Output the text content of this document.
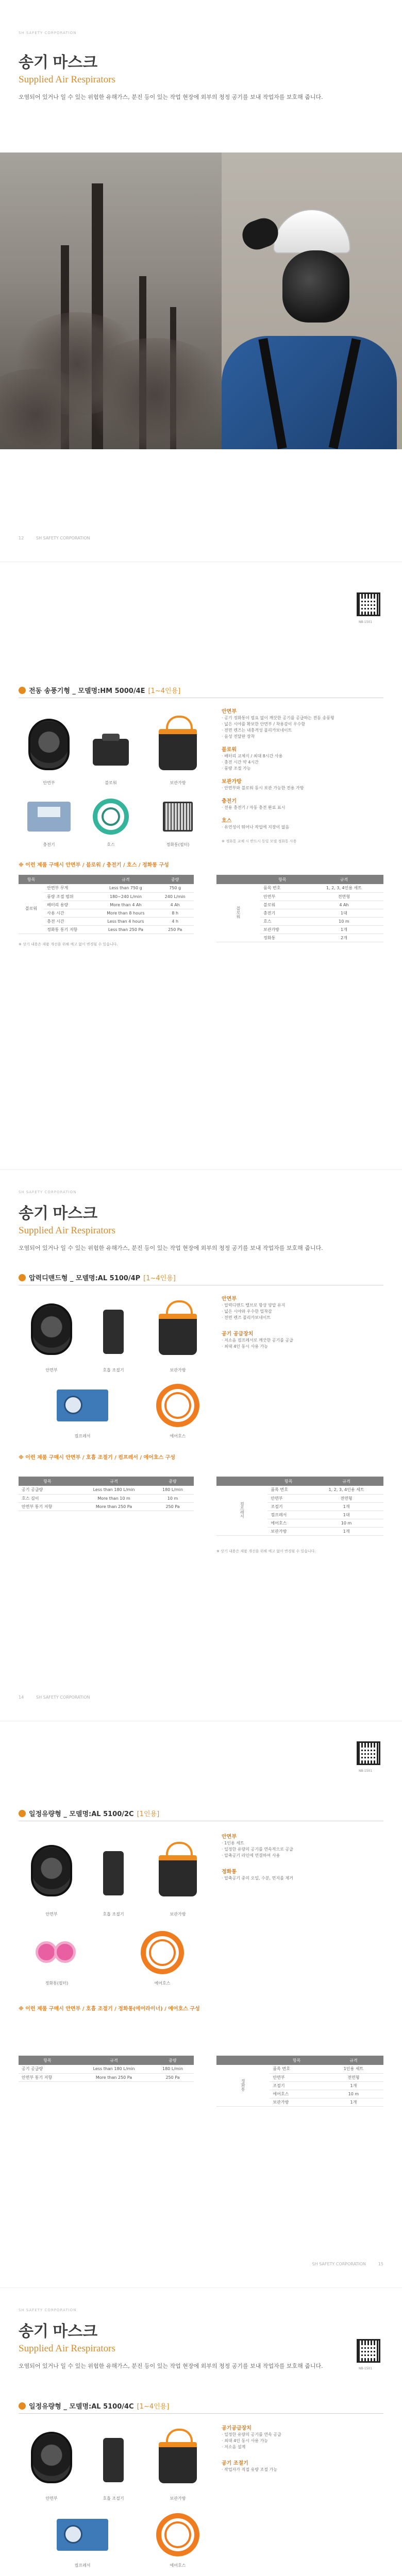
SH SAFETY CORPORATION
송기 마스크
Supplied Air Respirators
오염되어 있거나 일 수 있는 위험한 유해가스, 분진 등이 있는 작업 현장에 외부의 청정 공기를 보내 작업자를 보호해 줍니다.
12	SH SAFETY CORPORATION
NB-1501
전동 송풍기형 _ 모델명:HM 5000/4E [1~4인용]
안면부	블로워	보관가방
충전기	호스	정화통(필터)
안면부
· 공기 정화통이 필요 없이 깨끗한 공기를 공급하는 전동 송풍형
· 넓은 시야를 확보한 안면부 / 착용감이 우수함
· 전면 렌즈는 내충격성 폴리카보네이트
· 음성 전달판 장착
블로워
· 배터리 교체식 / 최대 8시간 사용
· 충전 시간 약 4시간
· 풍량 조절 가능
보관가방
· 안면부와 블로워 동시 보관 가능한 전용 가방
충전기
· 전용 충전기 / 자동 충전 완료 표시
호스
· 유연성이 뛰어나 작업에 지장이 없음
※ 정화통 교체 시 반드시 동일 모델 정화통 사용
※ 이런 제품 구매시 안면부 / 블로워 / 충전기 / 호스 / 정화통 구성
항목		규격	중량
블로워	안면부 무게	Less than 750 g	750 g
	풍량 조절 범위	180~240 L/min	240 L/min
	배터리 용량	More than 4 Ah	4 Ah
	사용 시간	More than 8 hours	8 h
	충전 시간	Less than 4 hours	4 h
	정화통 통기 저항	Less than 250 Pa	250 Pa
※ 상기 내용은 제품 개선을 위해 예고 없이 변경될 수 있습니다.
	항목	규격
블로워	품목 번호	1, 2, 3, 4인용 세트
	안면부	전면형
	블로워	4 Ah
	충전기	1대
	호스	10 m
	보관가방	1개
	정화통	2개
SH SAFETY CORPORATION
송기 마스크
Supplied Air Respirators
오염되어 있거나 일 수 있는 위험한 유해가스, 분진 등이 있는 작업 현장에 외부의 청정 공기를 보내 작업자를 보호해 줍니다.
압력디맨드형 _ 모델명:AL 5100/4P [1~4인용]
안면부	호흡 조절기	보관가방
컴프레서	에어호스
안면부
· 압력디맨드 밸브로 항상 양압 유지
· 넓은 시야와 우수한 밀착감
· 전면 렌즈 폴리카보네이트
공기 공급장치
· 저소음 컴프레서로 깨끗한 공기를 공급
· 최대 4인 동시 사용 가능
※ 이런 제품 구매시 안면부 / 호흡 조절기 / 컴프레서 / 에어호스 구성
항목	규격	중량
공기 공급량	Less than 180 L/min	180 L/min
호스 길이	More than 10 m	10 m
안면부 통기 저항	More than 250 Pa	250 Pa
	항목	규격
컴프레서	품목 번호	1, 2, 3, 4인용 세트
	안면부	전면형
	조절기	1개
	컴프레서	1대
	에어호스	10 m
	보관가방	1개
※ 상기 내용은 제품 개선을 위해 예고 없이 변경될 수 있습니다.
14	SH SAFETY CORPORATION
NB-1501
일정유량형 _ 모델명:AL 5100/2C [1인용]
안면부	호흡 조절기	보관가방
정화통(필터)	에어호스
안면부
· 1인용 세트
· 일정한 유량의 공기를 연속적으로 공급
· 압축공기 라인에 연결하여 사용
정화통
· 압축공기 중의 오일, 수분, 먼지를 제거
※ 이런 제품 구매시 안면부 / 호흡 조절기 / 정화통(에어라이너) / 에어호스 구성
항목	규격	중량
공기 공급량	Less than 180 L/min	180 L/min
안면부 통기 저항	More than 250 Pa	250 Pa
	항목	규격
정화통	품목 번호	1인용 세트
	안면부	전면형
	조절기	1개
	에어호스	10 m
	보관가방	1개
SH SAFETY CORPORATION	15
SH SAFETY CORPORATION
송기 마스크
Supplied Air Respirators
오염되어 있거나 일 수 있는 위험한 유해가스, 분진 등이 있는 작업 현장에 외부의 청정 공기를 보내 작업자를 보호해 줍니다.	NB-1501
일정유량형 _ 모델명:AL 5100/4C [1~4인용]
안면부	호흡 조절기	보관가방
컴프레서	에어호스
공기공급장치
· 일정한 유량의 공기를 연속 공급
· 최대 4인 동시 사용 가능
· 저소음 설계
공기 조절기
· 작업자가 직접 유량 조절 가능
